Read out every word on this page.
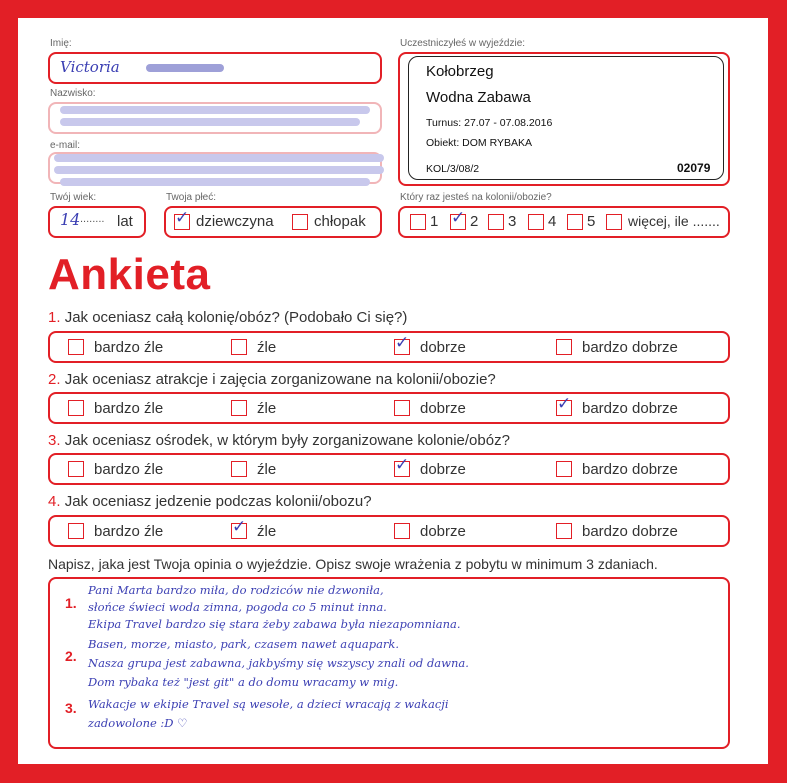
Imię:
Victoria
Nazwisko:
e-mail:
Twój wiek:
14 ........ lat
Twoja płeć:
✓ dziewczyna	chłopak
Uczestniczyłeś w wyjeździe:
Kołobrzeg
Wodna Zabawa
Turnus: 27.07 - 07.08.2016
Obiekt: DOM RYBAKA
KOL/3/08/2	02079
Który raz jesteś na kolonii/obozie?
1 ✓ 2 3 4 5 więcej, ile .......
Ankieta
1. Jak oceniasz całą kolonię/obóz? (Podobało Ci się?)
bardzo źle	źle	✓ dobrze	bardzo dobrze
2. Jak oceniasz atrakcje i zajęcia zorganizowane na kolonii/obozie?
bardzo źle	źle	dobrze	✓ bardzo dobrze
3. Jak oceniasz ośrodek, w którym były zorganizowane kolonie/obóz?
bardzo źle	źle	✓ dobrze	bardzo dobrze
4. Jak oceniasz jedzenie podczas kolonii/obozu?
bardzo źle	✓ źle	dobrze	bardzo dobrze
Napisz, jaka jest Twoja opinia o wyjeździe. Opisz swoje wrażenia z pobytu w minimum 3 zdaniach.
1.
2.
3.
Pani Marta bardzo miła, do rodziców nie dzwoniła,
słońce świeci woda zimna, pogoda co 5 minut inna.
Ekipa Travel bardzo się stara żeby zabawa była niezapomniana.
Basen, morze, miasto, park, czasem nawet aquapark.
Nasza grupa jest zabawna, jakbyśmy się wszyscy znali od dawna.
Dom rybaka też "jest git" a do domu wracamy w mig.
Wakacje w ekipie Travel są wesołe, a dzieci wracają z wakacji
zadowolone :D ♡
